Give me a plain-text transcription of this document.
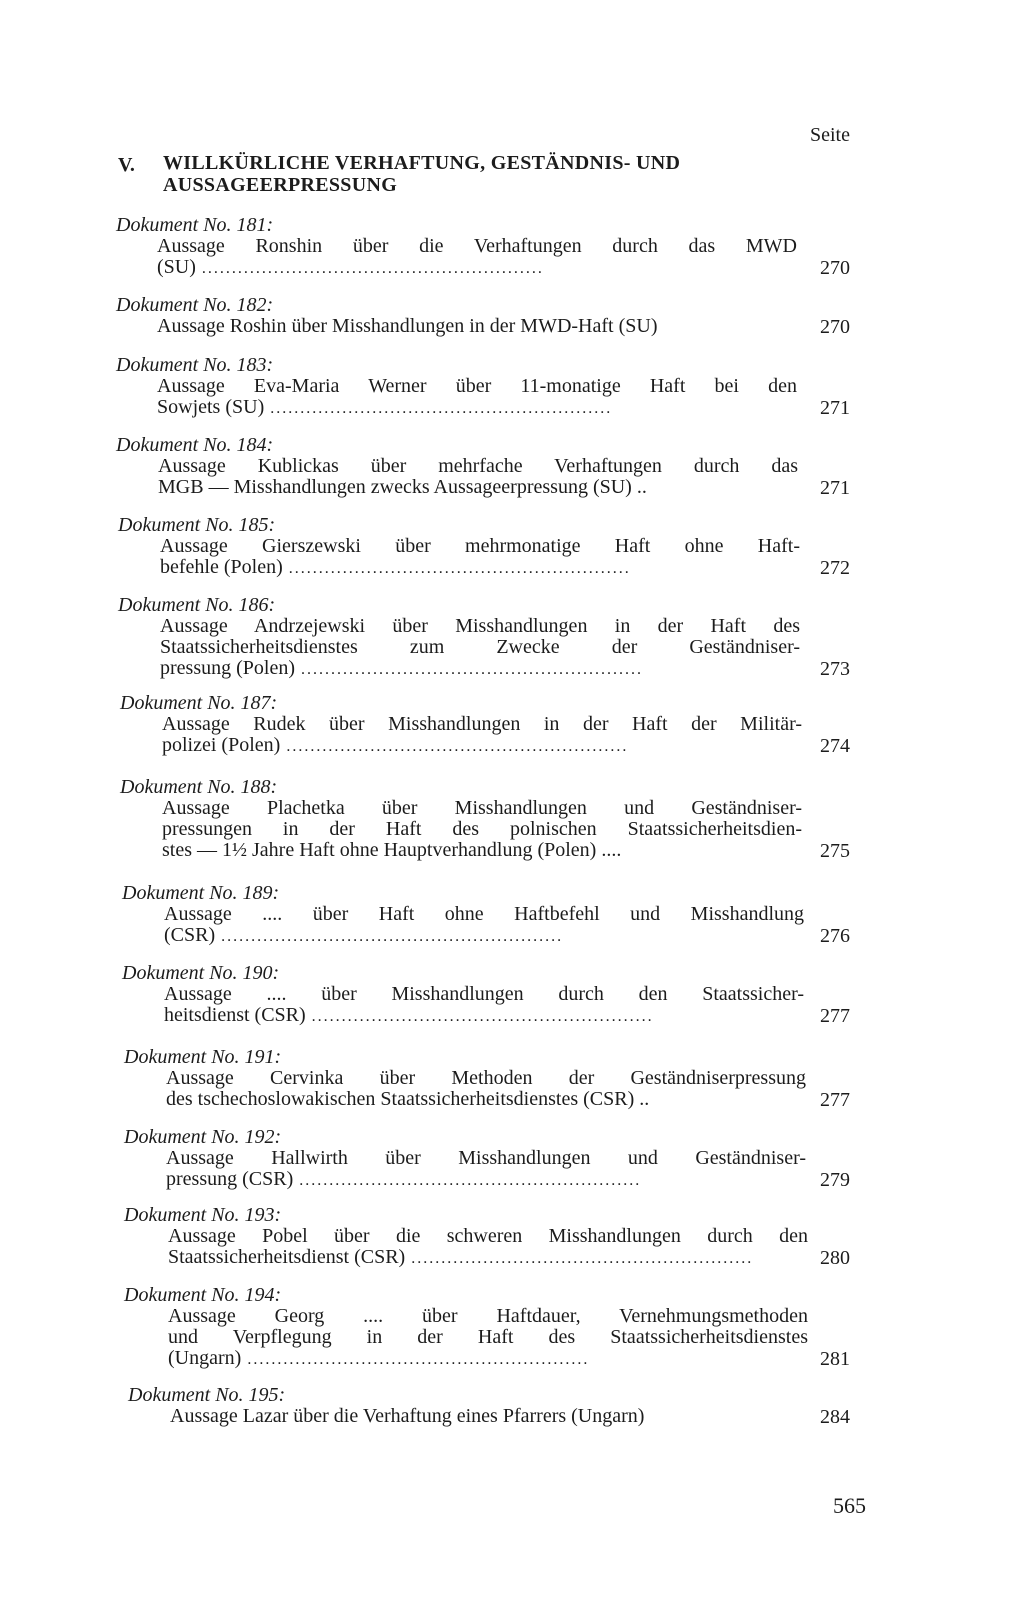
Seite
V. WILLKÜRLICHE VERHAFTUNG, GESTÄNDNIS- UND AUSSAGEERPRESSUNG
Dokument No. 181:
Aussage Ronshin über die Verhaftungen durch das MWD
(SU) .........................................................	270
Dokument No. 182:
Aussage Roshin über Misshandlungen in der MWD-Haft (SU)	270
Dokument No. 183:
Aussage Eva-Maria Werner über 11-monatige Haft bei den
Sowjets (SU) .........................................................	271
Dokument No. 184:
Aussage Kublickas über mehrfache Verhaftungen durch das
MGB — Misshandlungen zwecks Aussageerpressung (SU) ..	271
Dokument No. 185:
Aussage Gierszewski über mehrmonatige Haft ohne Haft-
befehle (Polen) .........................................................	272
Dokument No. 186:
Aussage Andrzejewski über Misshandlungen in der Haft des
Staatssicherheitsdienstes zum Zwecke der Geständniser-
pressung (Polen) .........................................................	273
Dokument No. 187:
Aussage Rudek über Misshandlungen in der Haft der Militär-
polizei (Polen) .........................................................	274
Dokument No. 188:
Aussage Plachetka über Misshandlungen und Geständniser-
pressungen in der Haft des polnischen Staatssicherheitsdien-
stes — 1½ Jahre Haft ohne Hauptverhandlung (Polen) ....	275
Dokument No. 189:
Aussage .... über Haft ohne Haftbefehl und Misshandlung
(CSR) .........................................................	276
Dokument No. 190:
Aussage .... über Misshandlungen durch den Staatssicher-
heitsdienst (CSR) .........................................................	277
Dokument No. 191:
Aussage Cervinka über Methoden der Geständniserpressung
des tschechoslowakischen Staatssicherheitsdienstes (CSR) ..	277
Dokument No. 192:
Aussage Hallwirth über Misshandlungen und Geständniser-
pressung (CSR) .........................................................	279
Dokument No. 193:
Aussage Pobel über die schweren Misshandlungen durch den
Staatssicherheitsdienst (CSR) .........................................................	280
Dokument No. 194:
Aussage Georg .... über Haftdauer, Vernehmungsmethoden
und Verpflegung in der Haft des Staatssicherheitsdienstes
(Ungarn) .........................................................	281
Dokument No. 195:
Aussage Lazar über die Verhaftung eines Pfarrers (Ungarn)	284
565
